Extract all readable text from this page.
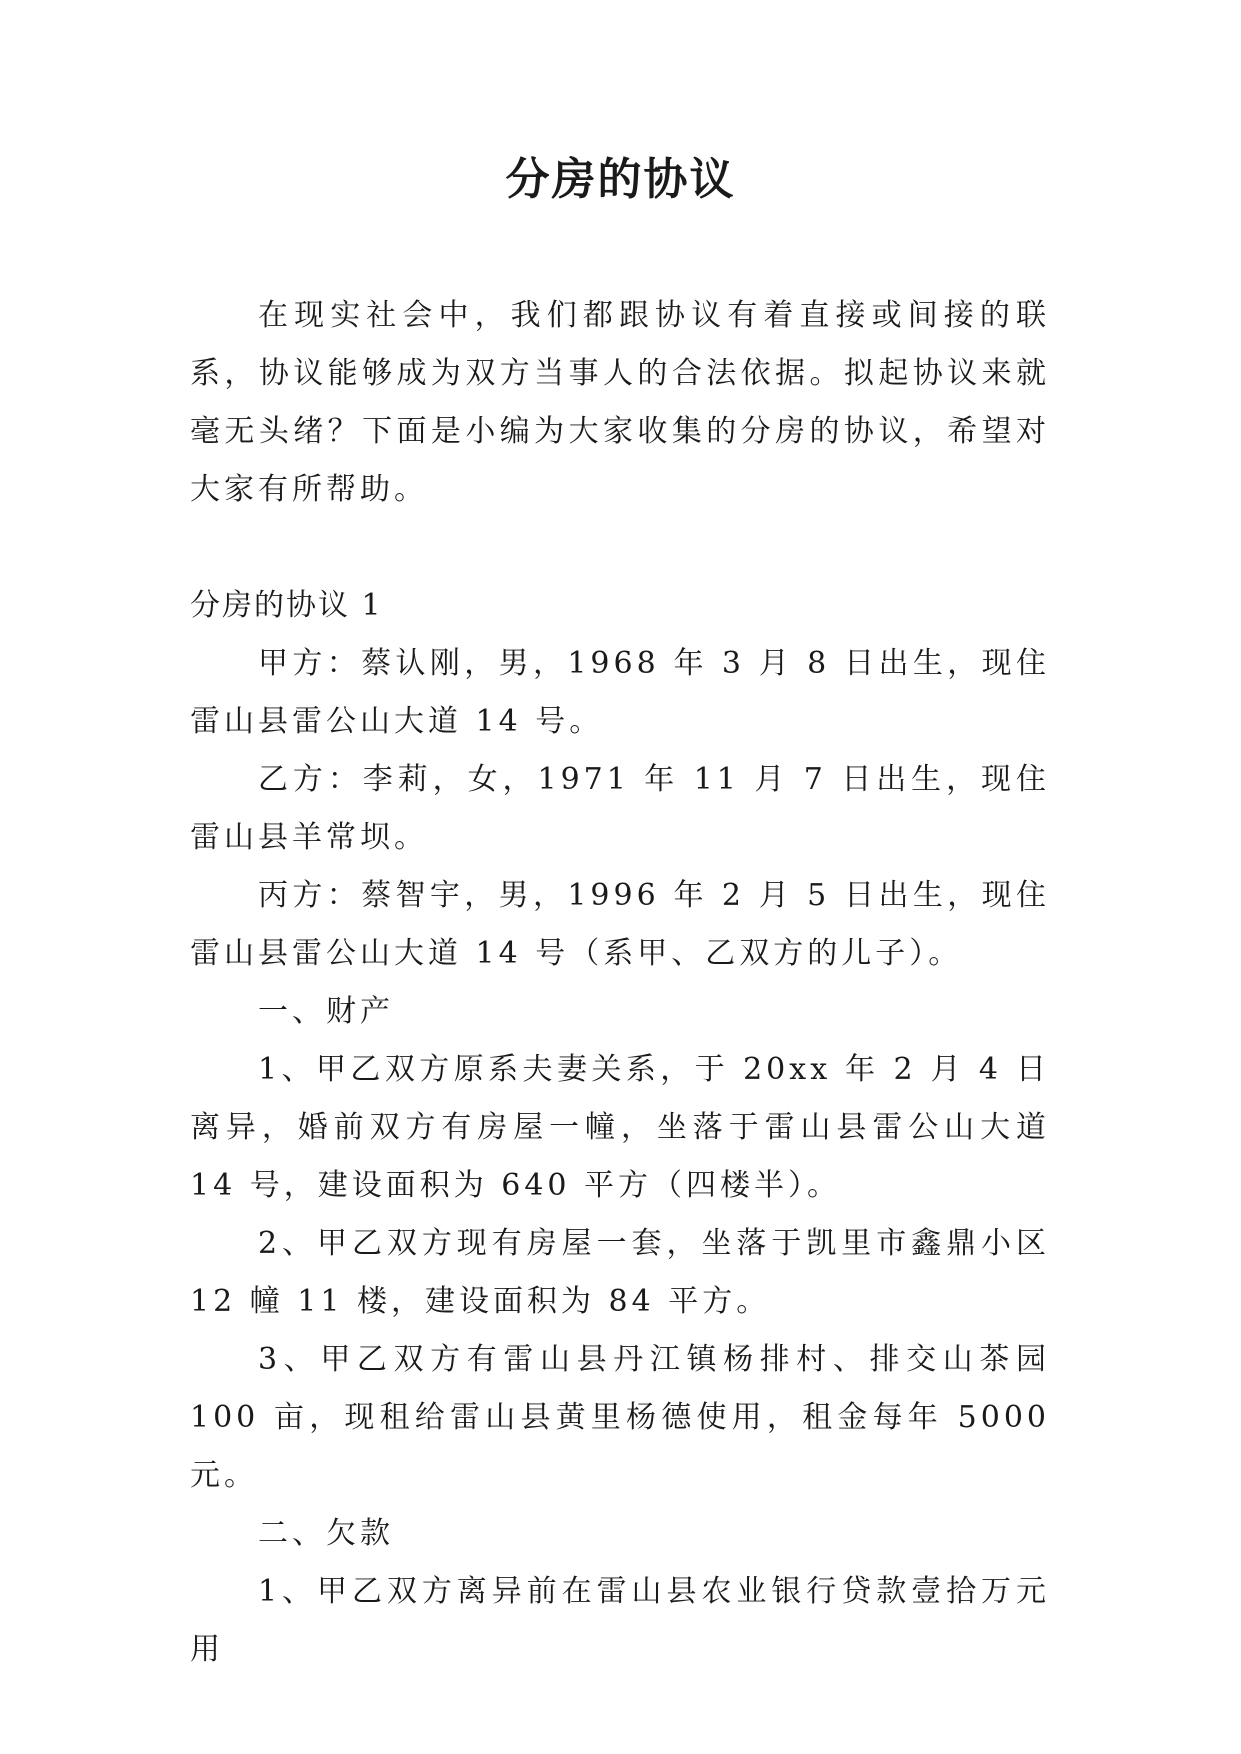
分房的协议

在现实社会中，我们都跟协议有着直接或间接的联系，协议能够成为双方当事人的合法依据。拟起协议来就毫无头绪？下面是小编为大家收集的分房的协议，希望对大家有所帮助。

分房的协议 1

甲方：蔡认刚，男，1968 年 3 月 8 日出生，现住雷山县雷公山大道 14 号。

乙方：李莉，女，1971 年 11 月 7 日出生，现住雷山县羊常坝。

丙方：蔡智宇，男，1996 年 2 月 5 日出生，现住雷山县雷公山大道 14 号（系甲、乙双方的儿子）。

一、财产

1、甲乙双方原系夫妻关系，于 20xx 年 2 月 4 日离异，婚前双方有房屋一幢，坐落于雷山县雷公山大道 14 号，建设面积为 640 平方（四楼半）。

2、甲乙双方现有房屋一套，坐落于凯里市鑫鼎小区 12 幢 11 楼，建设面积为 84 平方。

3、甲乙双方有雷山县丹江镇杨排村、排交山茶园 100 亩，现租给雷山县黄里杨德使用，租金每年 5000 元。

二、欠款

1、甲乙双方离异前在雷山县农业银行贷款壹拾万元用
